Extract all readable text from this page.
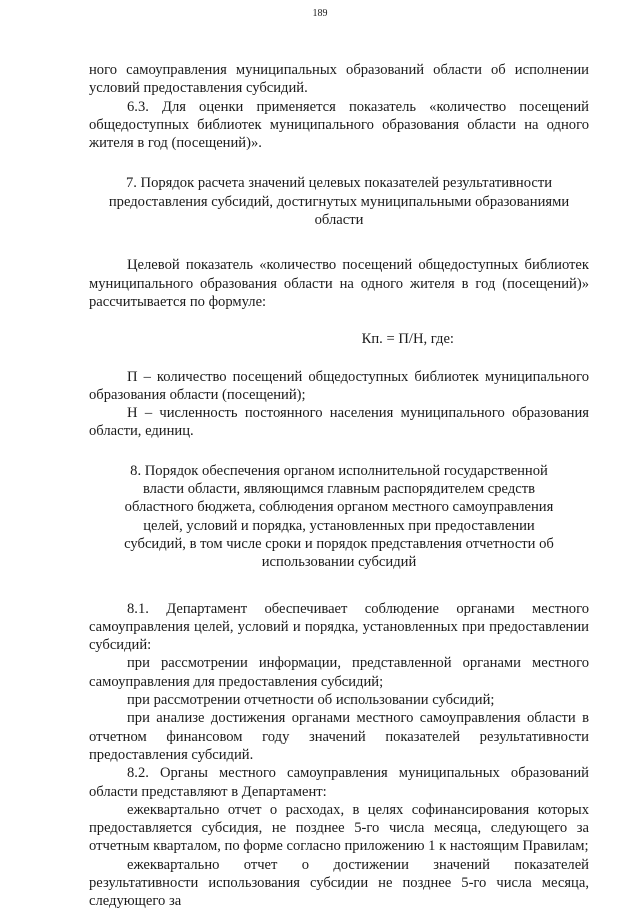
189

ного самоуправления муниципальных образований области об исполнении условий предоставления субсидий.

6.3. Для оценки применяется показатель «количество посещений общедоступных библиотек муниципального образования области на одного жителя в год (посещений)».

7. Порядок расчета значений целевых показателей результативности предоставления субсидий, достигнутых муниципальными образованиями области

Целевой показатель «количество посещений общедоступных библиотек муниципального образования области на одного жителя в год (посещений)» рассчитывается по формуле:

Кп. = П/Н, где:

П – количество посещений общедоступных библиотек муниципального образования области (посещений);

Н – численность постоянного населения муниципального образования области, единиц.

8. Порядок обеспечения органом исполнительной государственной власти области, являющимся главным распорядителем средств областного бюджета, соблюдения органом местного самоуправления целей, условий и порядка, установленных при предоставлении субсидий, в том числе сроки и порядок представления отчетности об использовании субсидий

8.1. Департамент обеспечивает соблюдение органами местного самоуправления целей, условий и порядка, установленных при предоставлении субсидий:

при рассмотрении информации, представленной органами местного самоуправления для предоставления субсидий;

при рассмотрении отчетности об использовании субсидий;

при анализе достижения органами местного самоуправления области в отчетном финансовом году значений показателей результативности предоставления субсидий.

8.2. Органы местного самоуправления муниципальных образований области представляют в Департамент:

ежеквартально отчет о расходах, в целях софинансирования которых предоставляется субсидия, не позднее 5-го числа месяца, следующего за отчетным кварталом, по форме согласно приложению 1 к настоящим Правилам;

ежеквартально отчет о достижении значений показателей результативности использования субсидии не позднее 5-го числа месяца, следующего за
